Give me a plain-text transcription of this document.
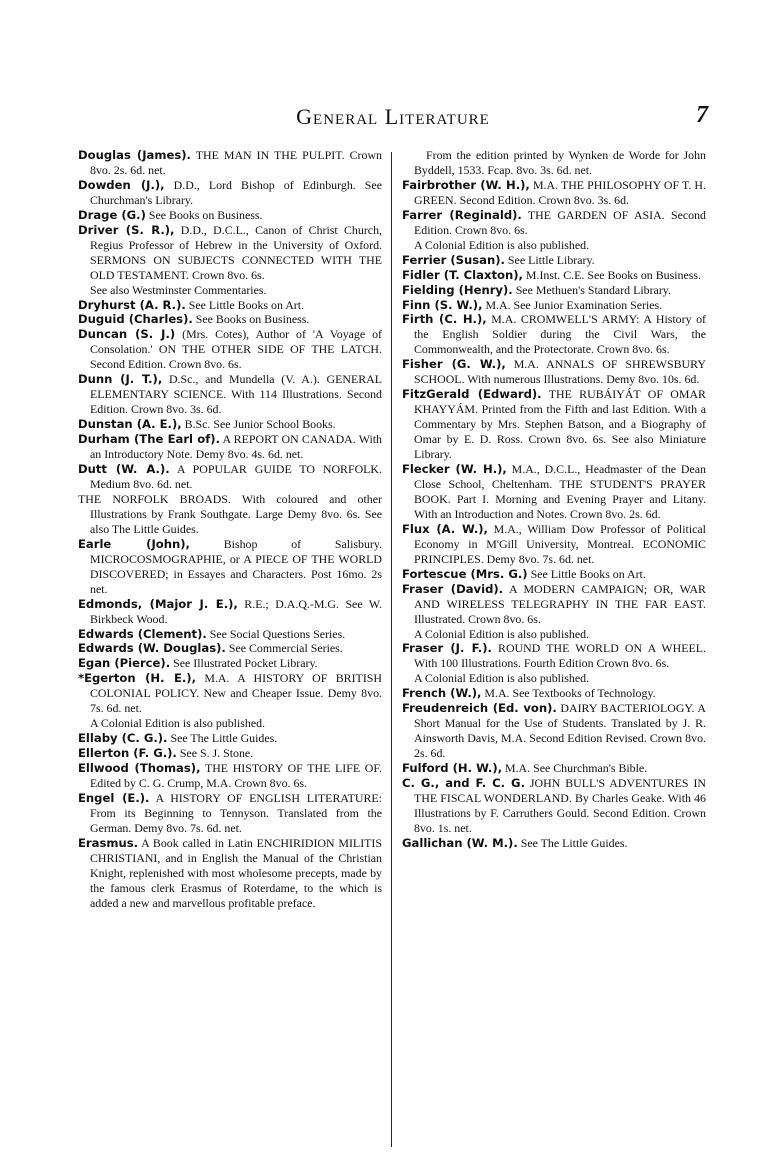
General Literature	7

Douglas (James). THE MAN IN THE PULPIT. Crown 8vo. 2s. 6d. net.

Dowden (J.), D.D., Lord Bishop of Edinburgh. See Churchman's Library.

Drage (G.) See Books on Business.

Driver (S. R.), D.D., D.C.L., Canon of Christ Church, Regius Professor of Hebrew in the University of Oxford. SERMONS ON SUBJECTS CONNECTED WITH THE OLD TESTAMENT. Crown 8vo. 6s.

See also Westminster Commentaries.

Dryhurst (A. R.). See Little Books on Art.

Duguid (Charles). See Books on Business.

Duncan (S. J.) (Mrs. Cotes), Author of 'A Voyage of Consolation.' ON THE OTHER SIDE OF THE LATCH. Second Edition. Crown 8vo. 6s.

Dunn (J. T.), D.Sc., and Mundella (V. A.). GENERAL ELEMENTARY SCIENCE. With 114 Illustrations. Second Edition. Crown 8vo. 3s. 6d.

Dunstan (A. E.), B.Sc. See Junior School Books.

Durham (The Earl of). A REPORT ON CANADA. With an Introductory Note. Demy 8vo. 4s. 6d. net.

Dutt (W. A.). A POPULAR GUIDE TO NORFOLK. Medium 8vo. 6d. net.

THE NORFOLK BROADS. With coloured and other Illustrations by Frank Southgate. Large Demy 8vo. 6s. See also The Little Guides.

Earle (John),	Bishop of Salisbury. MICROCOSMOGRAPHIE, or A PIECE OF THE WORLD DISCOVERED; in Essayes and Characters. Post 16mo. 2s net.

Edmonds, (Major J. E.), R.E.; D.A.Q.-M.G. See W. Birkbeck Wood.

Edwards (Clement). See Social Questions Series.

Edwards (W. Douglas). See Commercial Series.

Egan (Pierce). See Illustrated Pocket Library.

*Egerton (H. E.), M.A. A HISTORY OF BRITISH COLONIAL POLICY. New and Cheaper Issue. Demy 8vo. 7s. 6d. net.

A Colonial Edition is also published.

Ellaby (C. G.). See The Little Guides.

Ellerton (F. G.). See S. J. Stone.

Ellwood (Thomas), THE HISTORY OF THE LIFE OF. Edited by C. G. Crump, M.A. Crown 8vo. 6s.

Engel (E.). A HISTORY OF ENGLISH LITERATURE: From its Beginning to Tennyson. Translated from the German. Demy 8vo. 7s. 6d. net.

Erasmus. A Book called in Latin ENCHIRIDION MILITIS CHRISTIANI, and in English the Manual of the Christian Knight, replenished with most wholesome precepts, made by the famous clerk Erasmus of Roterdame, to the which is added a new and marvellous profitable preface.

From the edition printed by Wynken de Worde for John Byddell, 1533. Fcap. 8vo. 3s. 6d. net.

Fairbrother (W. H.), M.A. THE PHILOSOPHY OF T. H. GREEN. Second Edition. Crown 8vo. 3s. 6d.

Farrer (Reginald). THE GARDEN OF ASIA. Second Edition. Crown 8vo. 6s.

A Colonial Edition is also published.

Ferrier (Susan). See Little Library.

Fidler (T. Claxton), M.Inst. C.E. See Books on Business.

Fielding (Henry). See Methuen's Standard Library.

Finn (S. W.), M.A. See Junior Examination Series.

Firth (C. H.), M.A. CROMWELL'S ARMY: A History of the English Soldier during the Civil Wars, the Commonwealth, and the Protectorate. Crown 8vo. 6s.

Fisher (G. W.), M.A. ANNALS OF SHREWSBURY SCHOOL. With numerous Illustrations. Demy 8vo. 10s. 6d.

FitzGerald (Edward). THE RUBÁIYÁT OF OMAR KHAYYÁM. Printed from the Fifth and last Edition. With a Commentary by Mrs. Stephen Batson, and a Biography of Omar by E. D. Ross. Crown 8vo. 6s. See also Miniature Library.

Flecker (W. H.), M.A., D.C.L., Headmaster of the Dean Close School, Cheltenham. THE STUDENT'S PRAYER BOOK. Part I. Morning and Evening Prayer and Litany. With an Introduction and Notes. Crown 8vo. 2s. 6d.

Flux (A. W.), M.A., William Dow Professor of Political Economy in M'Gill University, Montreal. ECONOMIC PRINCIPLES. Demy 8vo. 7s. 6d. net.

Fortescue (Mrs. G.) See Little Books on Art.

Fraser (David). A MODERN CAMPAIGN; OR, WAR AND WIRELESS TELEGRAPHY IN THE FAR EAST. Illustrated. Crown 8vo. 6s.

A Colonial Edition is also published.

Fraser (J. F.). ROUND THE WORLD ON A WHEEL. With 100 Illustrations. Fourth Edition Crown 8vo. 6s.

A Colonial Edition is also published.

French (W.), M.A. See Textbooks of Technology.

Freudenreich (Ed. von). DAIRY BACTERIOLOGY. A Short Manual for the Use of Students. Translated by J. R. Ainsworth Davis, M.A. Second Edition Revised. Crown 8vo. 2s. 6d.

Fulford (H. W.), M.A. See Churchman's Bible.

C. G., and F. C. G. JOHN BULL'S ADVENTURES IN THE FISCAL WONDERLAND. By Charles Geake. With 46 Illustrations by F. Carruthers Gould. Second Edition. Crown 8vo. 1s. net.

Gallichan (W. M.). See The Little Guides.
